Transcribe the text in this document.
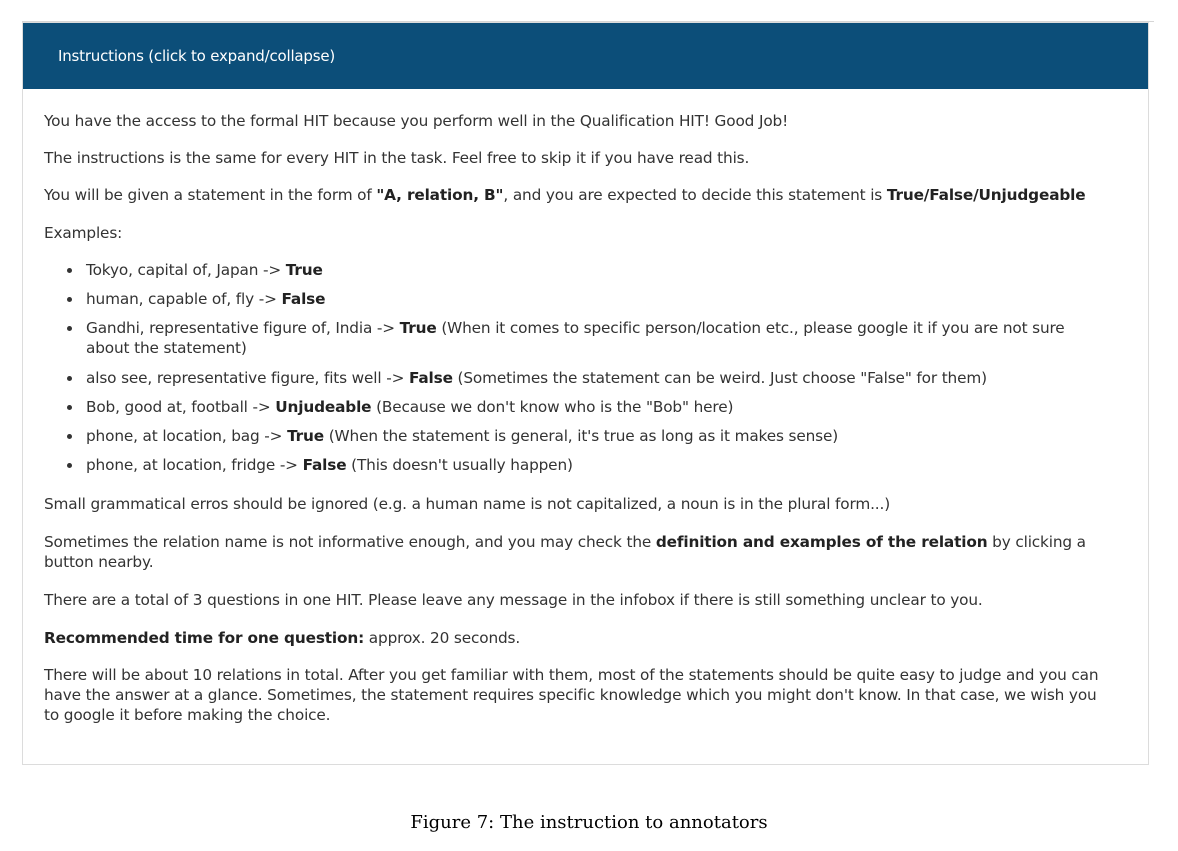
Instructions (click to expand/collapse)
You have the access to the formal HIT because you perform well in the Qualification HIT! Good Job!
The instructions is the same for every HIT in the task. Feel free to skip it if you have read this.
You will be given a statement in the form of "A, relation, B", and you are expected to decide this statement is True/False/Unjudgeable
Examples:
Tokyo, capital of, Japan -> True
human, capable of, fly -> False
Gandhi, representative figure of, India -> True (When it comes to specific person/location etc., please google it if you are not sure
about the statement)
also see, representative figure, fits well -> False (Sometimes the statement can be weird. Just choose "False" for them)
Bob, good at, football -> Unjudeable (Because we don't know who is the "Bob" here)
phone, at location, bag -> True (When the statement is general, it's true as long as it makes sense)
phone, at location, fridge -> False (This doesn't usually happen)
Small grammatical erros should be ignored (e.g. a human name is not capitalized, a noun is in the plural form...)
Sometimes the relation name is not informative enough, and you may check the definition and examples of the relation by clicking a
button nearby.
There are a total of 3 questions in one HIT. Please leave any message in the infobox if there is still something unclear to you.
Recommended time for one question: approx. 20 seconds.
There will be about 10 relations in total. After you get familiar with them, most of the statements should be quite easy to judge and you can
have the answer at a glance. Sometimes, the statement requires specific knowledge which you might don't know. In that case, we wish you
to google it before making the choice.
Figure 7: The instruction to annotators
